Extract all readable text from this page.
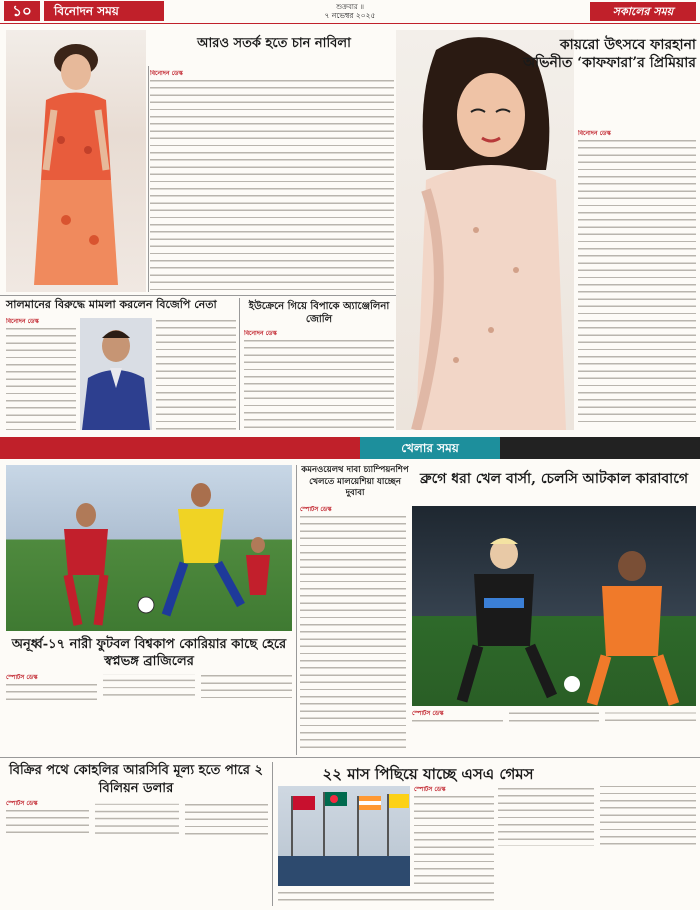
১০	বিনোদন সময়	শুক্রবার ॥
৭ নভেম্বর ২০২৫	সকালের সময়
আরও সতর্ক হতে চান নাবিলা
বিনোদন ডেস্ক
কায়রো উৎসবে ফারহানা অভিনীত ‘কাফফারা’র প্রিমিয়ার
বিনোদন ডেস্ক
সালমানের বিরুদ্ধে মামলা করলেন বিজেপি নেতা
বিনোদন ডেস্ক
ইউক্রেনে গিয়ে বিপাকে অ্যাঞ্জেলিনা জোলি
বিনোদন ডেস্ক
খেলার সময়
অনূর্ধ্ব-১৭ নারী ফুটবল বিশ্বকাপ কোরিয়ার কাছে হেরে স্বপ্নভঙ্গ ব্রাজিলের
স্পোর্টস ডেস্ক
কমনওয়েলথ দাবা চ্যাম্পিয়নশিপ খেলতে মালয়েশিয়া যাচ্ছেন দুবাবা
স্পোর্টস ডেস্ক
ব্রুগে ধরা খেল বার্সা, চেলসি আটকাল কারাবাগে
স্পোর্টস ডেস্ক
বিক্রির পথে কোহলির আরসিবি মূল্য হতে পারে ২ বিলিয়ন ডলার
স্পোর্টস ডেস্ক
২২ মাস পিছিয়ে যাচ্ছে এসএ গেমস
স্পোর্টস ডেস্ক
